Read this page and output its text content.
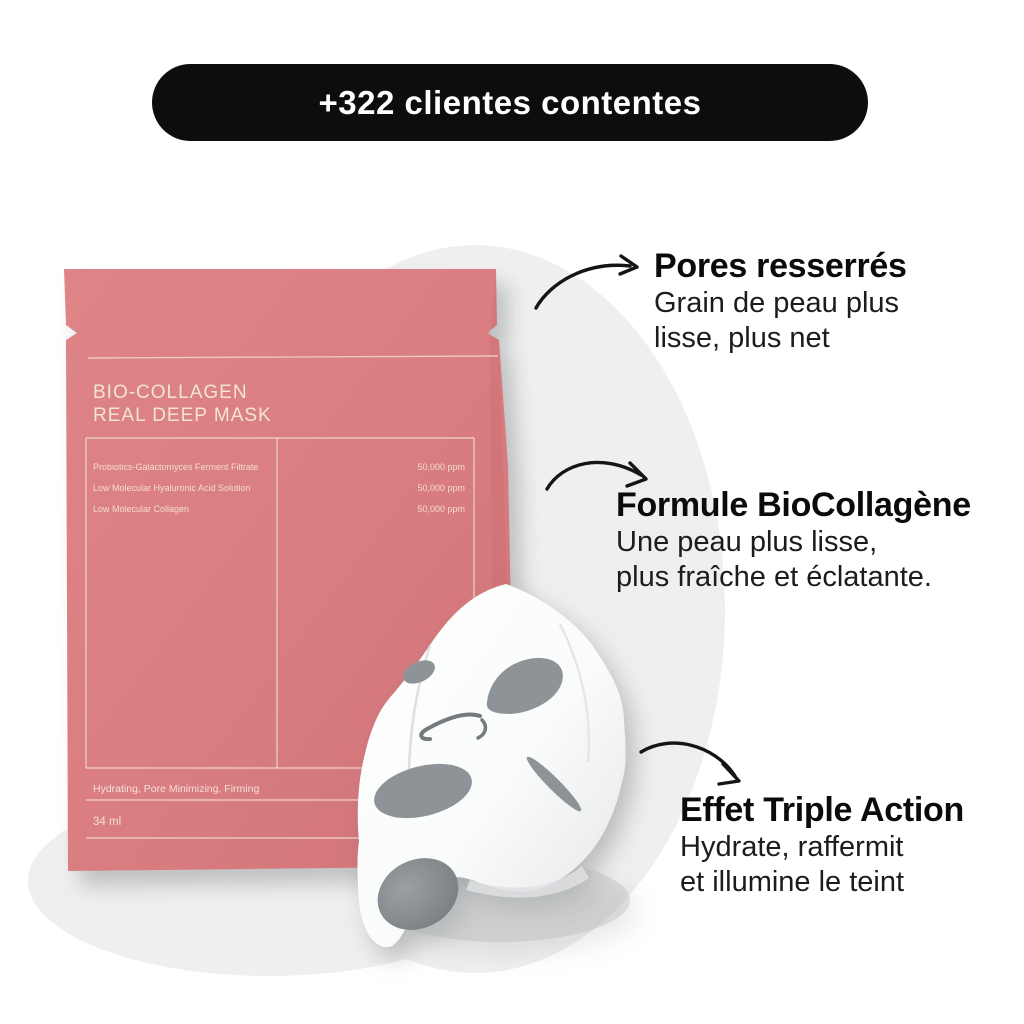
+322 clientes contentes
BIO-COLLAGEN
REAL DEEP MASK
Probiotics-Galactomyces Ferment Filtrate
Low Molecular Hyaluronic Acid Solution
Low Molecular Collagen
50,000 ppm
50,000 ppm
50,000 ppm
Hydrating, Pore Minimizing, Firming
34 ml
Pores resserrés
Grain de peau plus
lisse, plus net
Formule BioCollagène
Une peau plus lisse,
plus fraîche et éclatante.
Effet Triple Action
Hydrate, raffermit
et illumine le teint
